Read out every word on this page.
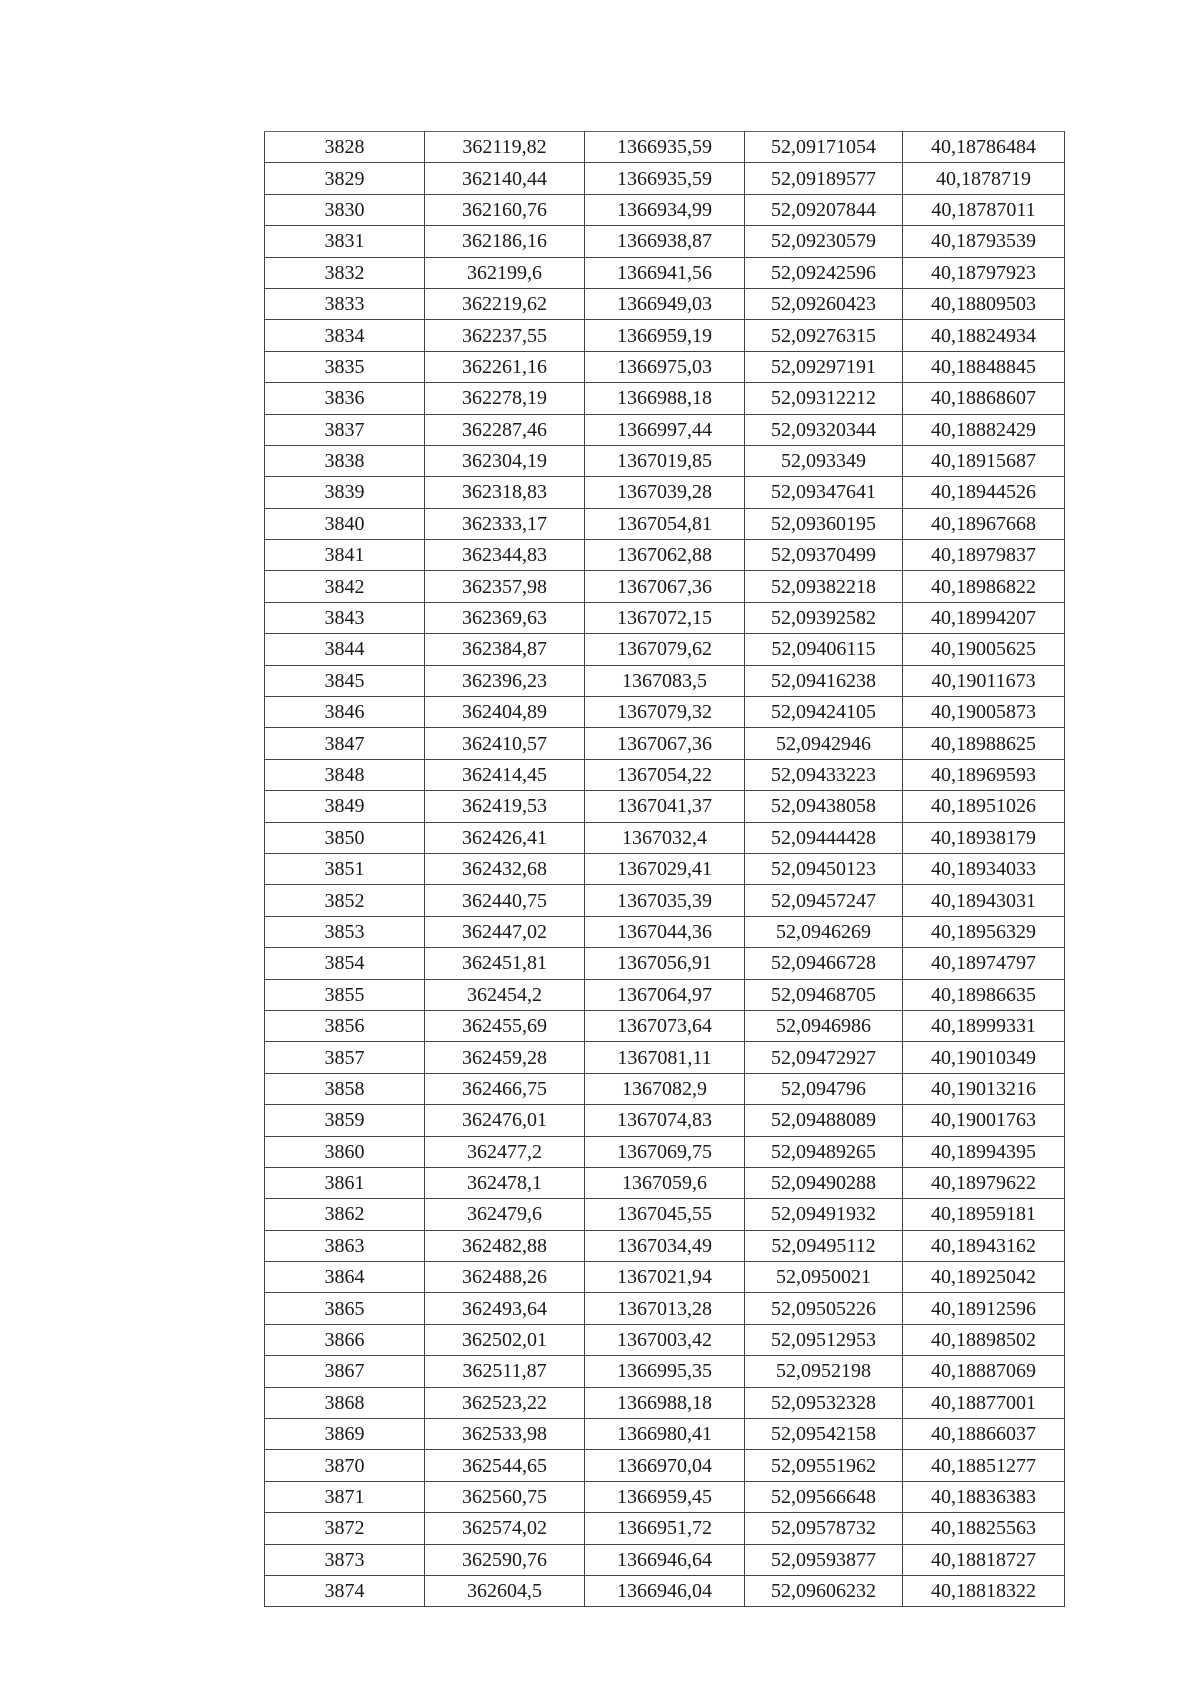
3828	362119,82	1366935,59	52,09171054	40,18786484
3829	362140,44	1366935,59	52,09189577	40,1878719
3830	362160,76	1366934,99	52,09207844	40,18787011
3831	362186,16	1366938,87	52,09230579	40,18793539
3832	362199,6	1366941,56	52,09242596	40,18797923
3833	362219,62	1366949,03	52,09260423	40,18809503
3834	362237,55	1366959,19	52,09276315	40,18824934
3835	362261,16	1366975,03	52,09297191	40,18848845
3836	362278,19	1366988,18	52,09312212	40,18868607
3837	362287,46	1366997,44	52,09320344	40,18882429
3838	362304,19	1367019,85	52,093349	40,18915687
3839	362318,83	1367039,28	52,09347641	40,18944526
3840	362333,17	1367054,81	52,09360195	40,18967668
3841	362344,83	1367062,88	52,09370499	40,18979837
3842	362357,98	1367067,36	52,09382218	40,18986822
3843	362369,63	1367072,15	52,09392582	40,18994207
3844	362384,87	1367079,62	52,09406115	40,19005625
3845	362396,23	1367083,5	52,09416238	40,19011673
3846	362404,89	1367079,32	52,09424105	40,19005873
3847	362410,57	1367067,36	52,0942946	40,18988625
3848	362414,45	1367054,22	52,09433223	40,18969593
3849	362419,53	1367041,37	52,09438058	40,18951026
3850	362426,41	1367032,4	52,09444428	40,18938179
3851	362432,68	1367029,41	52,09450123	40,18934033
3852	362440,75	1367035,39	52,09457247	40,18943031
3853	362447,02	1367044,36	52,0946269	40,18956329
3854	362451,81	1367056,91	52,09466728	40,18974797
3855	362454,2	1367064,97	52,09468705	40,18986635
3856	362455,69	1367073,64	52,0946986	40,18999331
3857	362459,28	1367081,11	52,09472927	40,19010349
3858	362466,75	1367082,9	52,094796	40,19013216
3859	362476,01	1367074,83	52,09488089	40,19001763
3860	362477,2	1367069,75	52,09489265	40,18994395
3861	362478,1	1367059,6	52,09490288	40,18979622
3862	362479,6	1367045,55	52,09491932	40,18959181
3863	362482,88	1367034,49	52,09495112	40,18943162
3864	362488,26	1367021,94	52,0950021	40,18925042
3865	362493,64	1367013,28	52,09505226	40,18912596
3866	362502,01	1367003,42	52,09512953	40,18898502
3867	362511,87	1366995,35	52,0952198	40,18887069
3868	362523,22	1366988,18	52,09532328	40,18877001
3869	362533,98	1366980,41	52,09542158	40,18866037
3870	362544,65	1366970,04	52,09551962	40,18851277
3871	362560,75	1366959,45	52,09566648	40,18836383
3872	362574,02	1366951,72	52,09578732	40,18825563
3873	362590,76	1366946,64	52,09593877	40,18818727
3874	362604,5	1366946,04	52,09606232	40,18818322
